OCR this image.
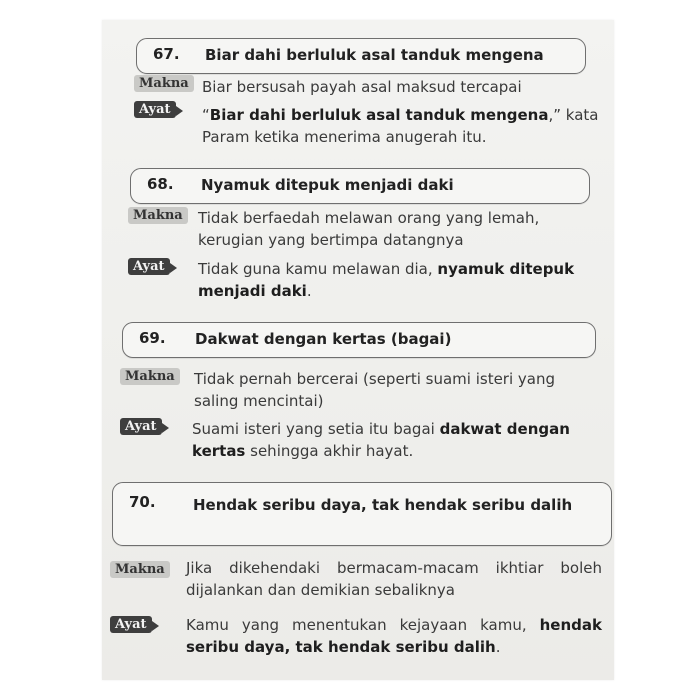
67. Biar dahi berluluk asal tanduk mengena
Makna Biar bersusah payah asal maksud tercapai
Ayat	“Biar dahi berluluk asal tanduk mengena,” kata Param ketika menerima anugerah itu.
68. Nyamuk ditepuk menjadi daki
Makna	Tidak berfaedah melawan orang yang lemah, kerugian yang bertimpa datangnya
Ayat	Tidak guna kamu melawan dia, nyamuk ditepuk menjadi daki.
69. Dakwat dengan kertas (bagai)
Makna	Tidak pernah bercerai (seperti suami isteri yang saling mencintai)
Ayat	Suami isteri yang setia itu bagai dakwat dengan kertas sehingga akhir hayat.
70. Hendak seribu daya, tak hendak seribu dalih
Makna	Jika dikehendaki bermacam-macam ikhtiar boleh dijalankan dan demikian sebaliknya
Ayat	Kamu yang menentukan kejayaan kamu, hendak seribu daya, tak hendak seribu dalih.
